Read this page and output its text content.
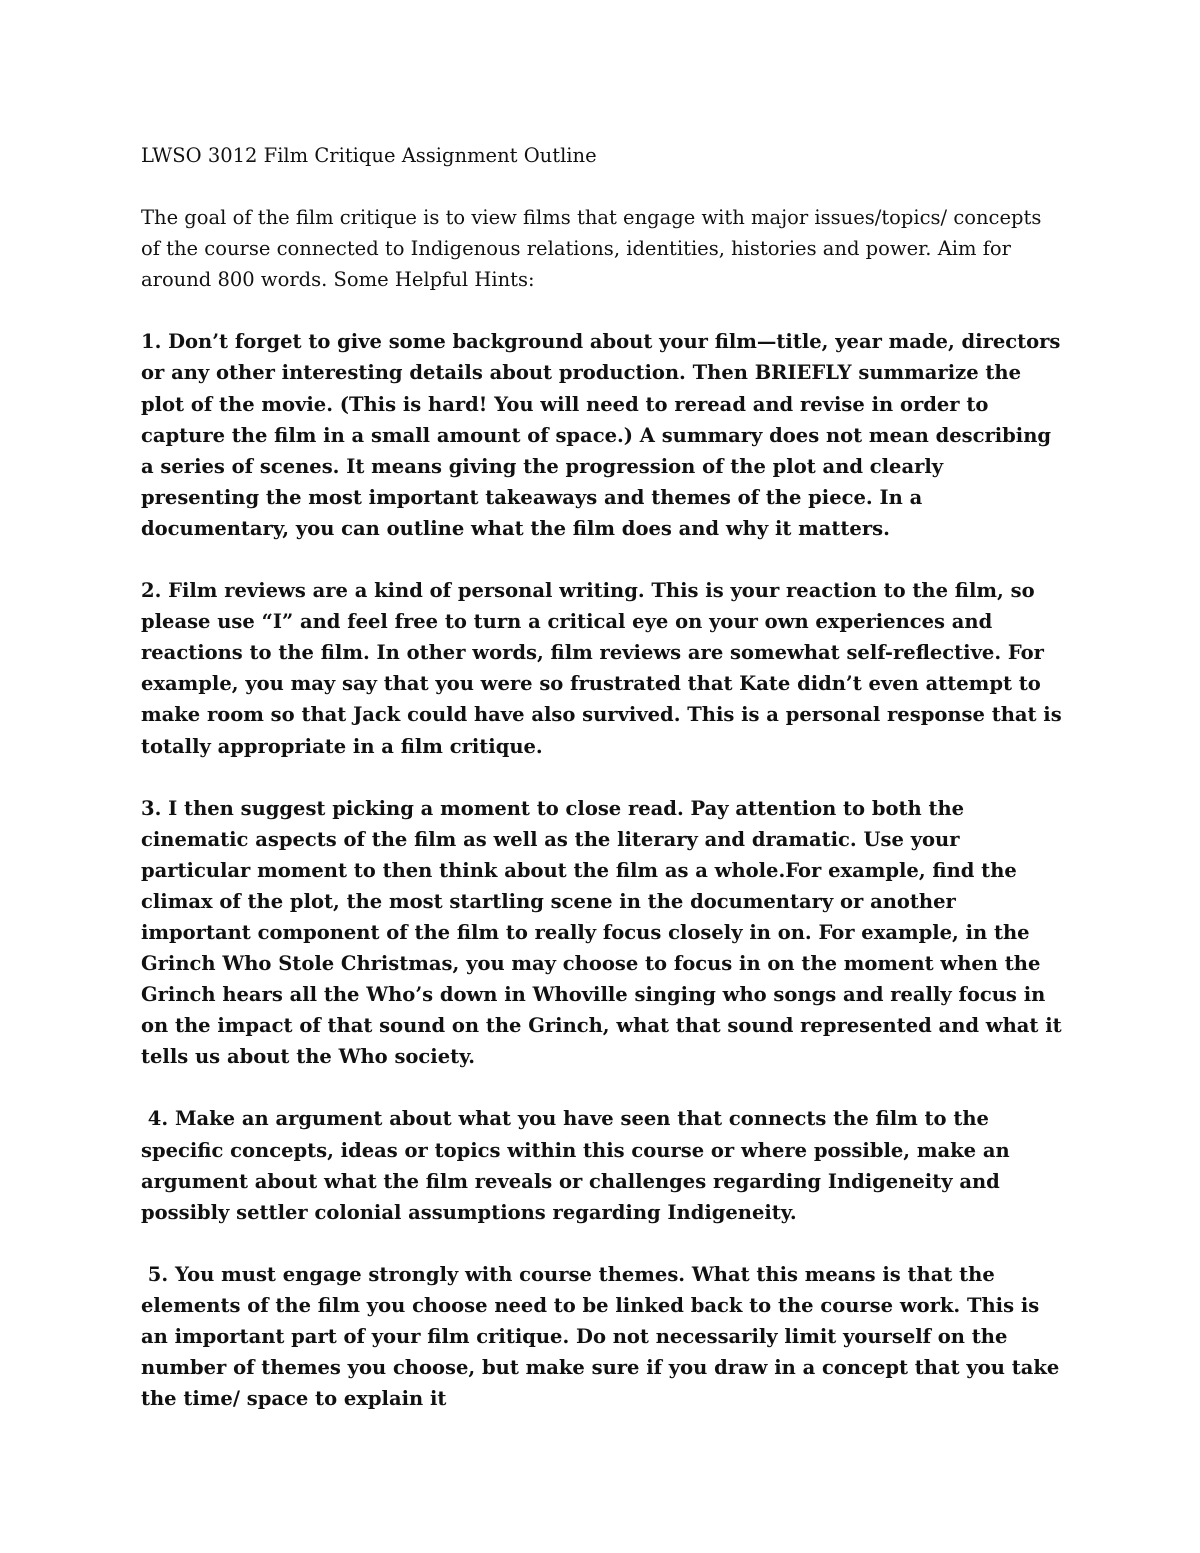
LWSO 3012 Film Critique Assignment Outline

The goal of the film critique is to view films that engage with major issues/topics/ concepts of the course connected to Indigenous relations, identities, histories and power. Aim for around 800 words. Some Helpful Hints:

1. Don’t forget to give some background about your film—title, year made, directors or any other interesting details about production. Then BRIEFLY summarize the plot of the movie. (This is hard! You will need to reread and revise in order to capture the film in a small amount of space.) A summary does not mean describing a series of scenes. It means giving the progression of the plot and clearly presenting the most important takeaways and themes of the piece. In a documentary, you can outline what the film does and why it matters.

2. Film reviews are a kind of personal writing. This is your reaction to the film, so please use “I” and feel free to turn a critical eye on your own experiences and reactions to the film. In other words, film reviews are somewhat self-reflective. For example, you may say that you were so frustrated that Kate didn’t even attempt to make room so that Jack could have also survived. This is a personal response that is totally appropriate in a film critique.

3. I then suggest picking a moment to close read. Pay attention to both the cinematic aspects of the film as well as the literary and dramatic. Use your particular moment to then think about the film as a whole.For example, find the climax of the plot, the most startling scene in the documentary or another important component of the film to really focus closely in on. For example, in the Grinch Who Stole Christmas, you may choose to focus in on the moment when the Grinch hears all the Who’s down in Whoville singing who songs and really focus in on the impact of that sound on the Grinch, what that sound represented and what it tells us about the Who society.

4. Make an argument about what you have seen that connects the film to the specific concepts, ideas or topics within this course or where possible, make an argument about what the film reveals or challenges regarding Indigeneity and possibly settler colonial assumptions regarding Indigeneity.

5. You must engage strongly with course themes. What this means is that the elements of the film you choose need to be linked back to the course work. This is an important part of your film critique. Do not necessarily limit yourself on the number of themes you choose, but make sure if you draw in a concept that you take the time/ space to explain it
